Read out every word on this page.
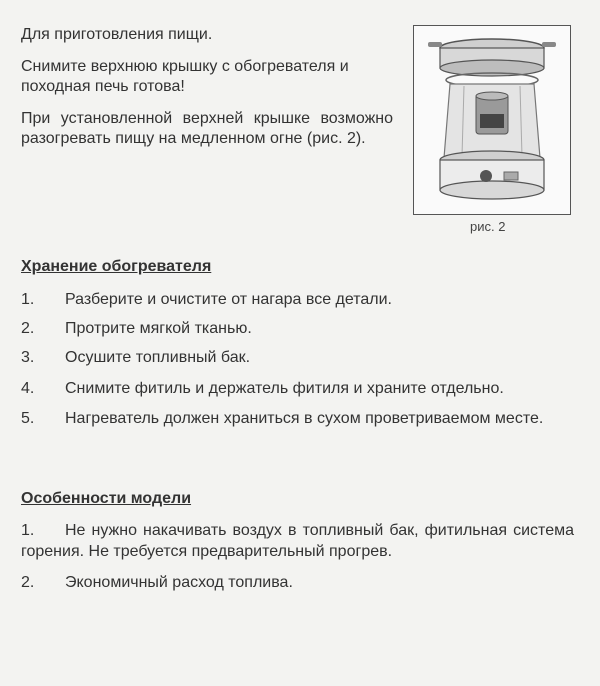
Для приготовления пищи.

Снимите верхнюю крышку с обогревателя и походная печь готова!

При установленной верхней крышке возможно разогревать пищу на медленном огне (рис. 2).

рис. 2
Хранение обогревателя

1. Разберите и очистите от нагара все детали.

2. Протрите мягкой тканью.

3. Осушите топливный бак.

4. Снимите фитиль и держатель фитиля и храните отдельно.

5. Нагреватель должен храниться в сухом проветриваемом месте.

Особенности модели

1. Не нужно накачивать воздух в топливный бак, фитильная система горения. Не требуется предварительный прогрев.

2. Экономичный расход топлива.
